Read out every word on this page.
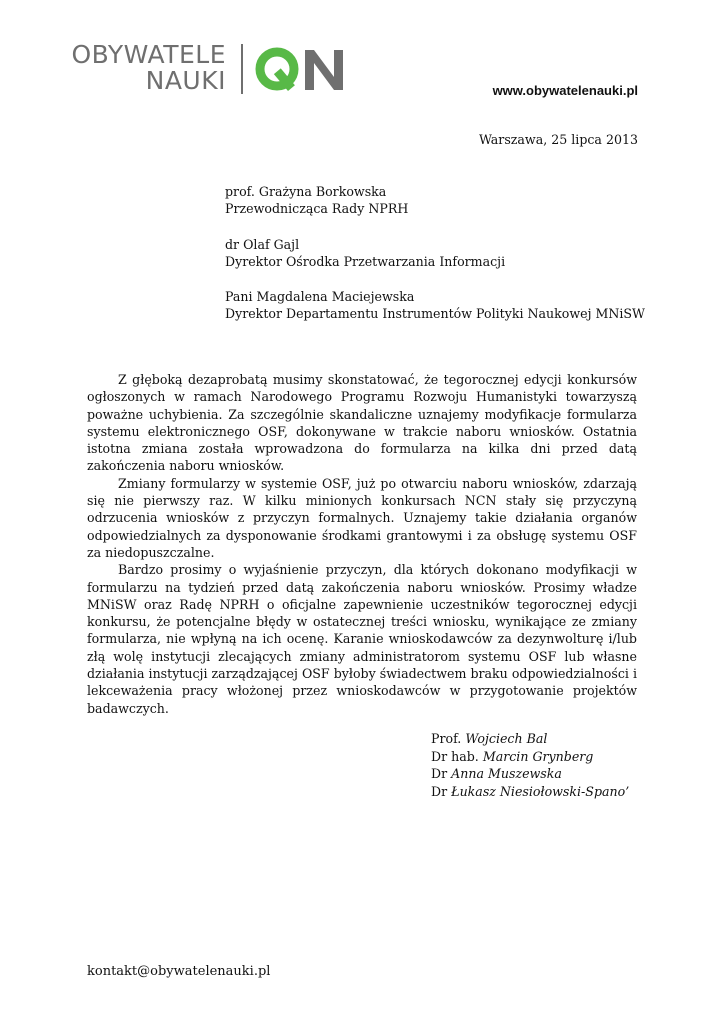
OBYWATELE
NAUKI	www.obywatelenauki.pl
Warszawa, 25 lipca 2013
prof. Grażyna Borkowska
Przewodnicząca Rady NPRH
dr Olaf Gajl
Dyrektor Ośrodka Przetwarzania Informacji
Pani Magdalena Maciejewska
Dyrektor Departamentu Instrumentów Polityki Naukowej MNiSW

Z głęboką dezaprobatą musimy skonstatować, że tegorocznej edycji konkursów ogłoszonych w ramach Narodowego Programu Rozwoju Humanistyki towarzyszą poważne uchybienia. Za szczególnie skandaliczne uznajemy modyfikacje formularza systemu elektronicznego OSF, dokonywane w trakcie naboru wniosków. Ostatnia istotna zmiana została wprowadzona do formularza na kilka dni przed datą zakończenia naboru wniosków.

Zmiany formularzy w systemie OSF, już po otwarciu naboru wniosków, zdarzają się nie pierwszy raz. W kilku minionych konkursach NCN stały się przyczyną odrzucenia wniosków z przyczyn formalnych. Uznajemy takie działania organów odpowiedzialnych za dysponowanie środkami grantowymi i za obsługę systemu OSF za niedopuszczalne.

Bardzo prosimy o wyjaśnienie przyczyn, dla których dokonano modyfikacji w formularzu na tydzień przed datą zakończenia naboru wniosków. Prosimy władze MNiSW oraz Radę NPRH o oficjalne zapewnienie uczestników tegorocznej edycji konkursu, że potencjalne błędy w ostatecznej treści wniosku, wynikające ze zmiany formularza, nie wpłyną na ich ocenę. Karanie wnioskodawców za dezynwolturę i/lub złą wolę instytucji zlecających zmiany administratorom systemu OSF lub własne działania instytucji zarządzającej OSF byłoby świadectwem braku odpowiedzialności i lekceważenia pracy włożonej przez wnioskodawców w przygotowanie projektów badawczych.

Prof. Wojciech Bal
Dr hab. Marcin Grynberg
Dr Anna Muszewska
Dr Łukasz Niesiołowski-Spano’
kontakt@obywatelenauki.pl
